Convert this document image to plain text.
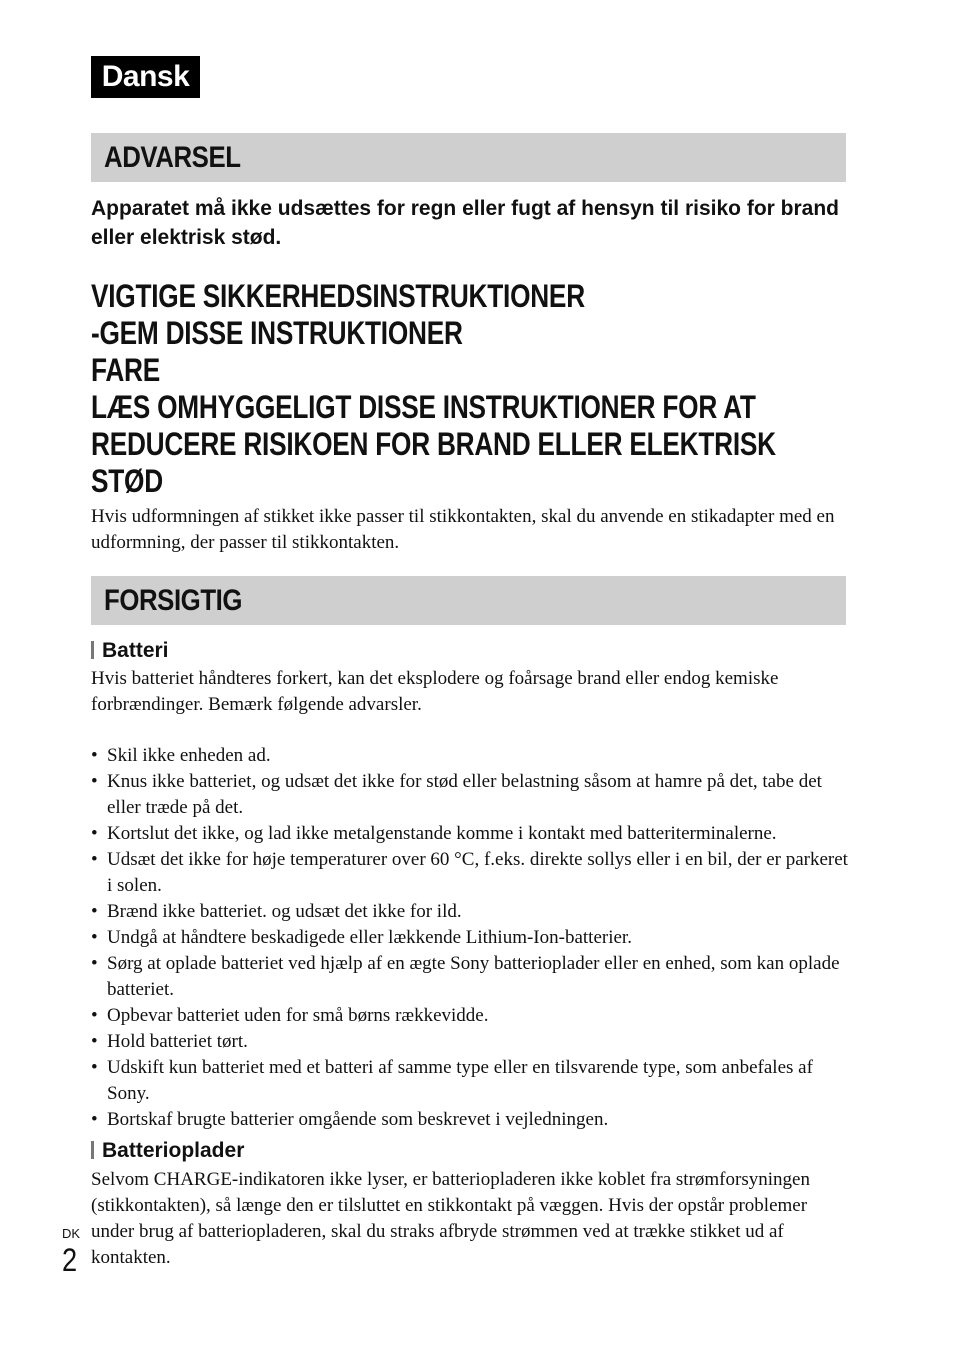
Dansk
ADVARSEL
Apparatet må ikke udsættes for regn eller fugt af hensyn til risiko for brand eller elektrisk stød.
VIGTIGE SIKKERHEDSINSTRUKTIONER
-GEM DISSE INSTRUKTIONER
FARE
LÆS OMHYGGELIGT DISSE INSTRUKTIONER FOR AT
REDUCERE RISIKOEN FOR BRAND ELLER ELEKTRISK
STØD
Hvis udformningen af stikket ikke passer til stikkontakten, skal du anvende en stikadapter med en udformning, der passer til stikkontakten.
FORSIGTIG
Batteri
Hvis batteriet håndteres forkert, kan det eksplodere og foårsage brand eller endog kemiske forbrændinger. Bemærk følgende advarsler.
• Skil ikke enheden ad.
• Knus ikke batteriet, og udsæt det ikke for stød eller belastning såsom at hamre på det, tabe det eller træde på det.
• Kortslut det ikke, og lad ikke metalgenstande komme i kontakt med batteriterminalerne.
• Udsæt det ikke for høje temperaturer over 60 °C, f.eks. direkte sollys eller i en bil, der er parkeret i solen.
• Brænd ikke batteriet. og udsæt det ikke for ild.
• Undgå at håndtere beskadigede eller lækkende Lithium-Ion-batterier.
• Sørg at oplade batteriet ved hjælp af en ægte Sony batterioplader eller en enhed, som kan oplade batteriet.
• Opbevar batteriet uden for små børns rækkevidde.
• Hold batteriet tørt.
• Udskift kun batteriet med et batteri af samme type eller en tilsvarende type, som anbefales af Sony.
• Bortskaf brugte batterier omgående som beskrevet i vejledningen.
Batterioplader
Selvom CHARGE-indikatoren ikke lyser, er batteriopladeren ikke koblet fra strømforsyningen (stikkontakten), så længe den er tilsluttet en stikkontakt på væggen. Hvis der opstår problemer under brug af batteriopladeren, skal du straks afbryde strømmen ved at trække stikket ud af kontakten.
DK
2
